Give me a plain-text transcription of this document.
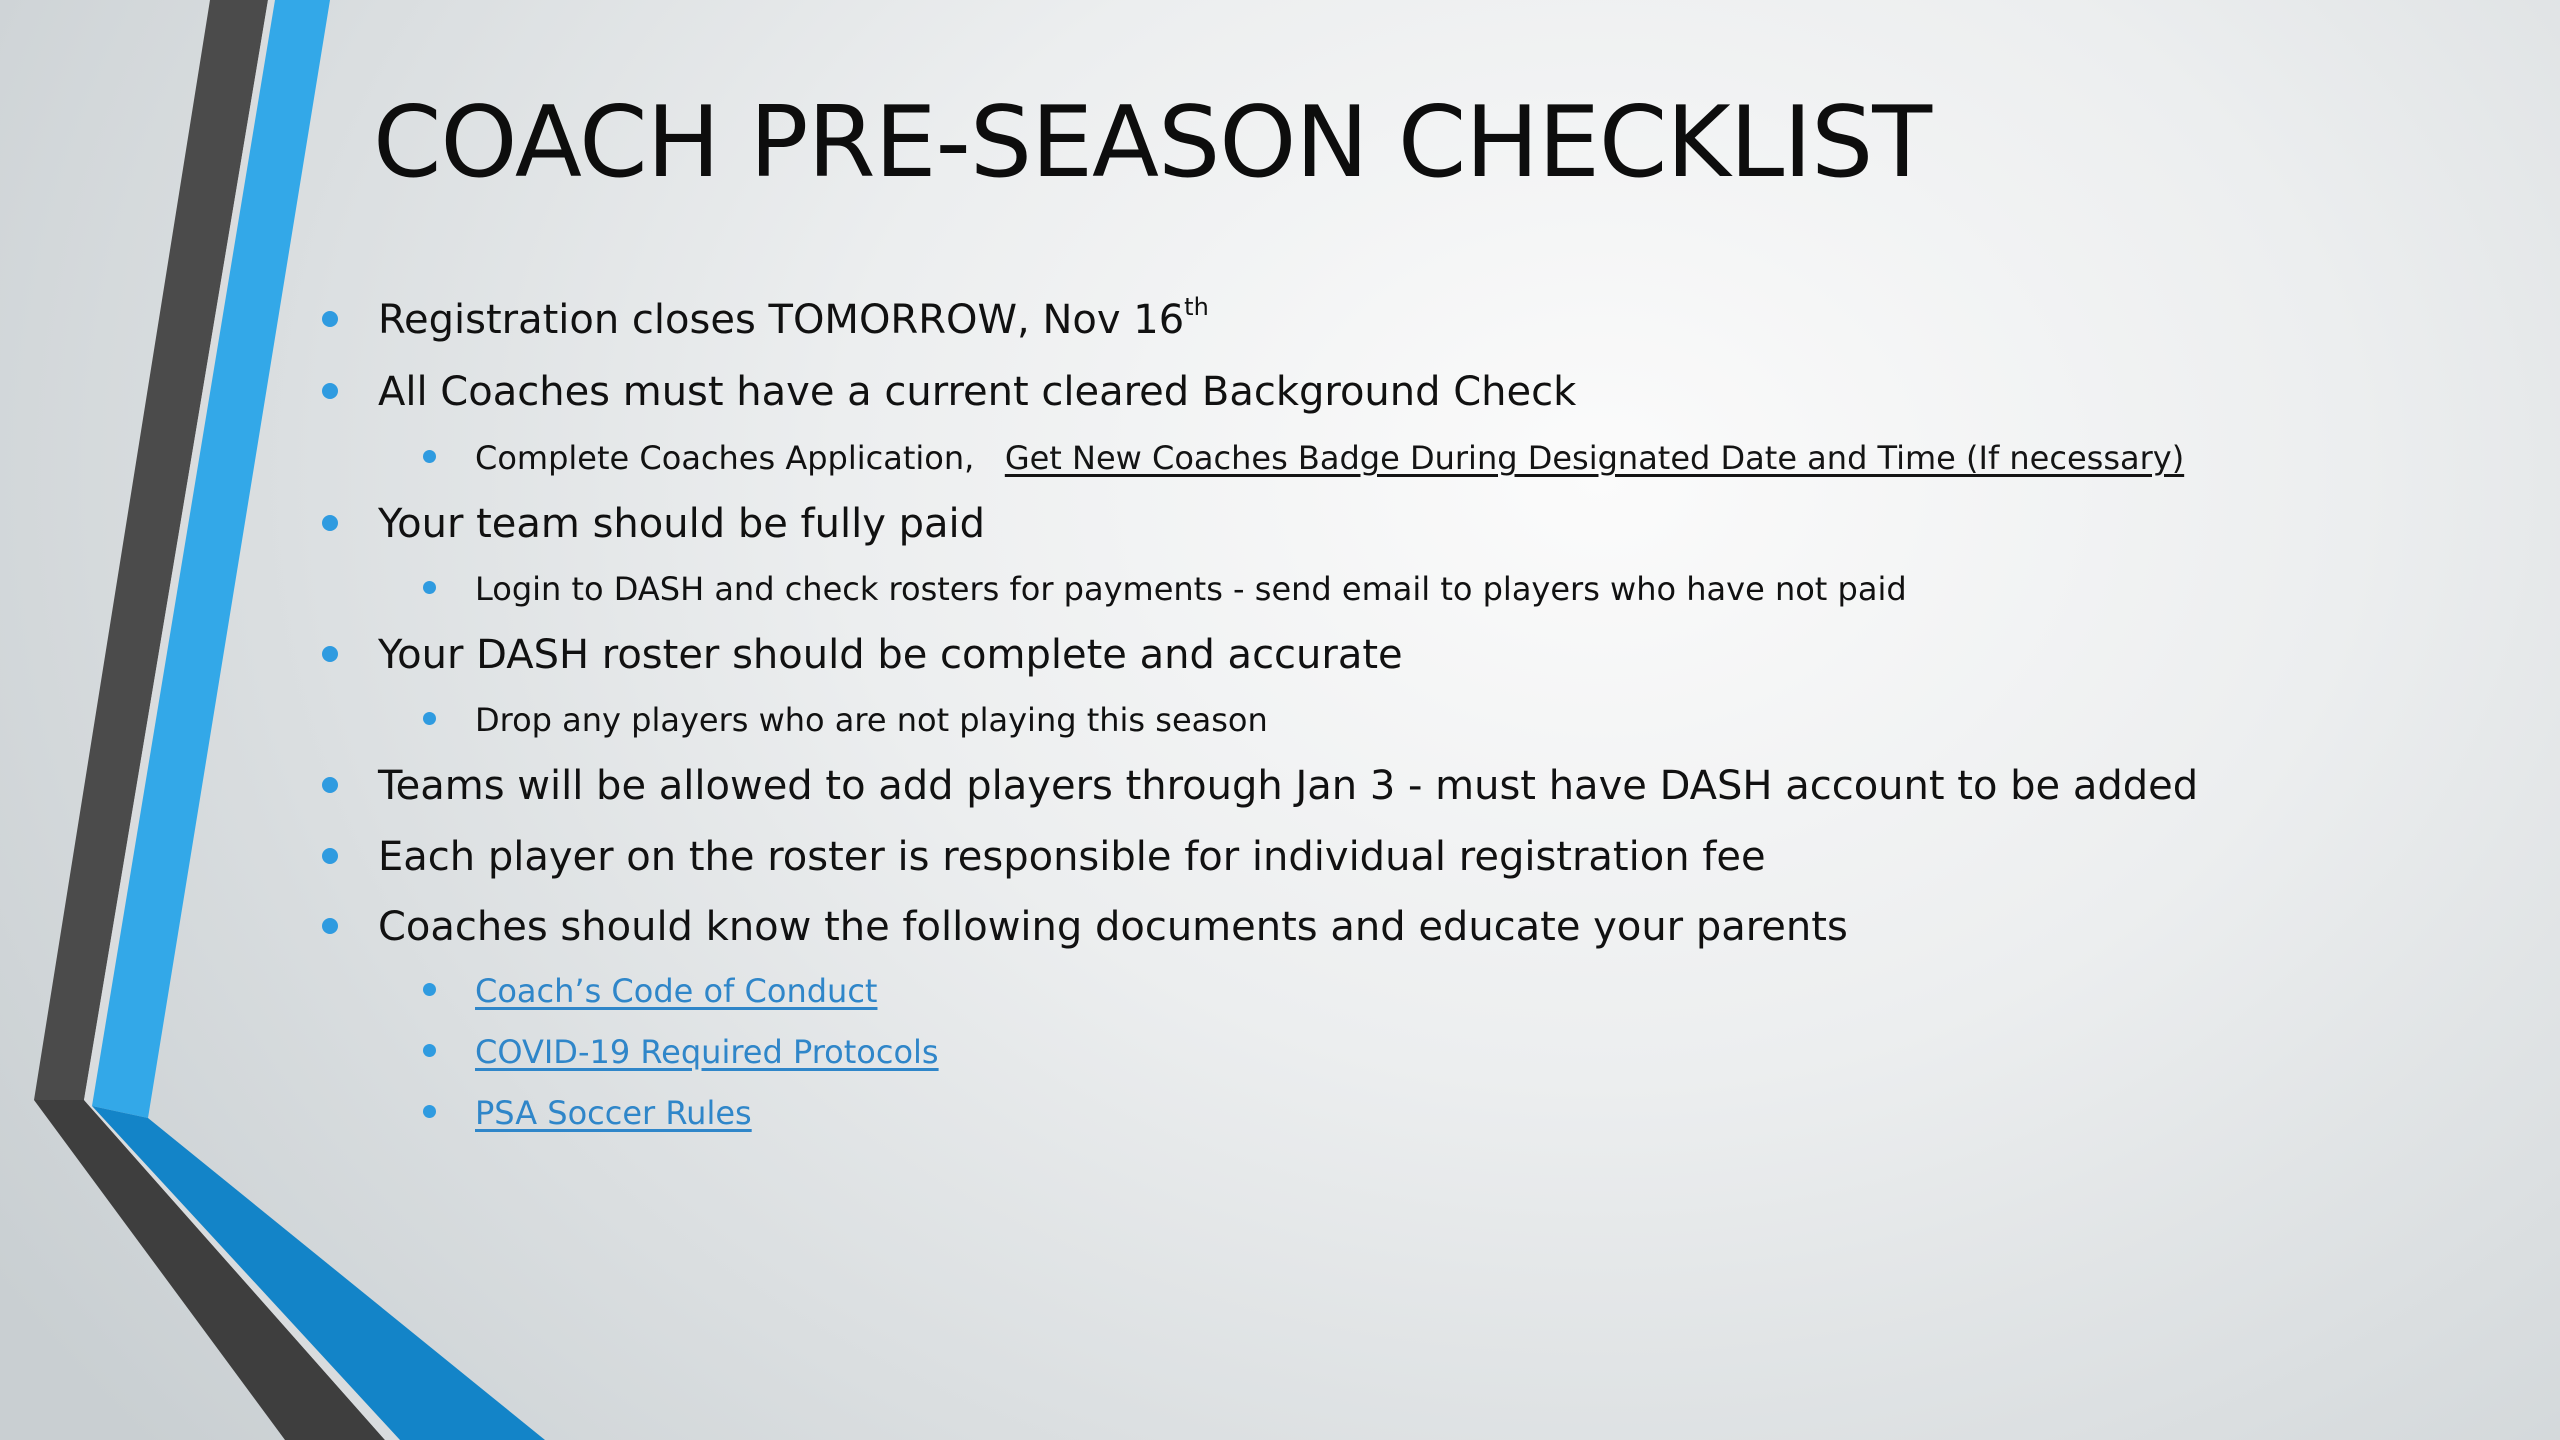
COACH PRE-SEASON CHECKLIST
Registration closes TOMORROW, Nov 16th
All Coaches must have a current cleared Background Check
Complete Coaches Application, Get New Coaches Badge During Designated Date and Time (If necessary)
Your team should be fully paid
Login to DASH and check rosters for payments - send email to players who have not paid
Your DASH roster should be complete and accurate
Drop any players who are not playing this season
Teams will be allowed to add players through Jan 3 - must have DASH account to be added
Each player on the roster is responsible for individual registration fee
Coaches should know the following documents and educate your parents
Coach’s Code of Conduct
COVID-19 Required Protocols
PSA Soccer Rules
